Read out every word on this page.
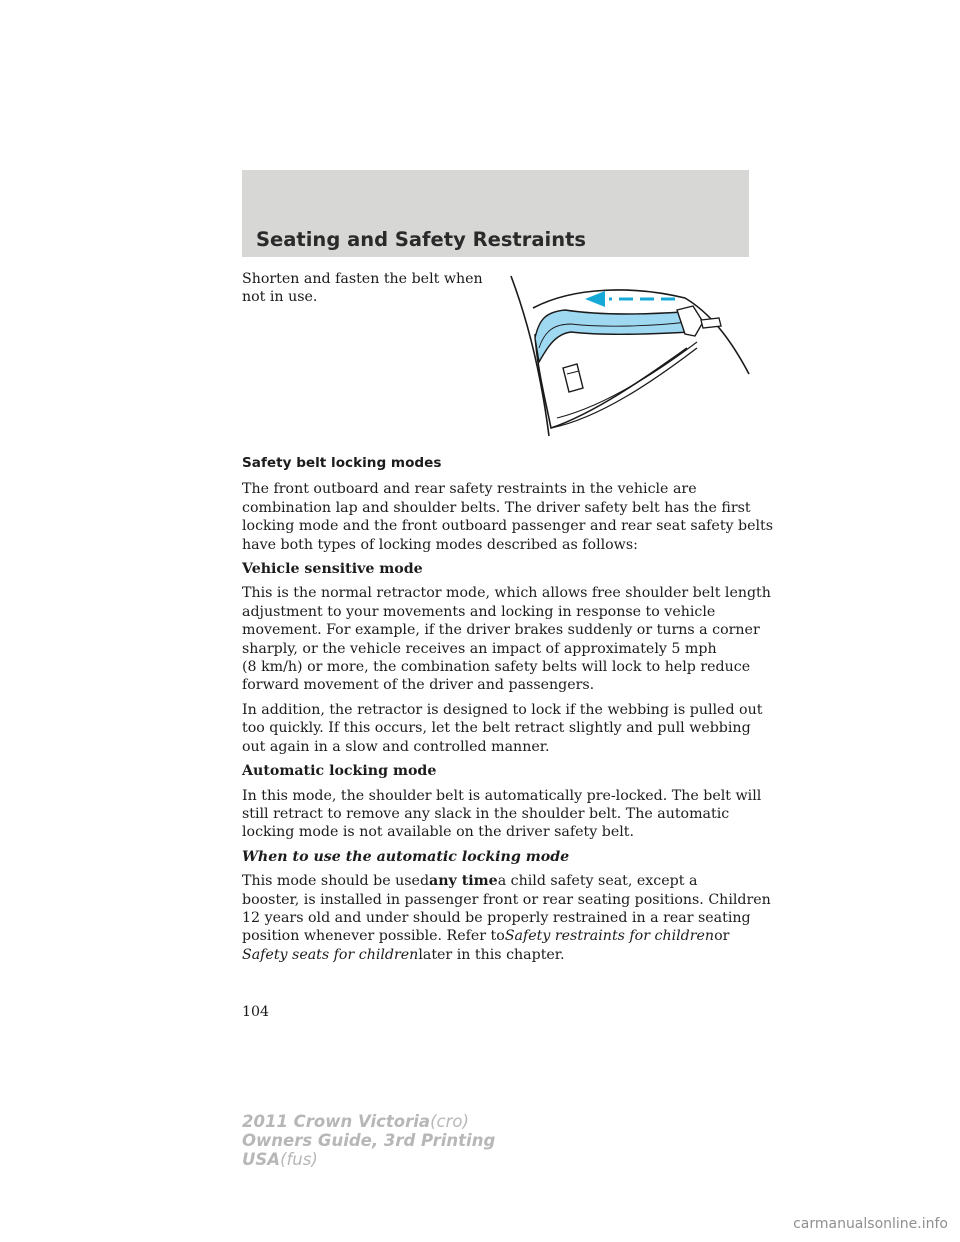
Seating and Safety Restraints
Shorten and fasten the belt when
not in use.
Safety belt locking modes
The front outboard and rear safety restraints in the vehicle are
combination lap and shoulder belts. The driver safety belt has the first
locking mode and the front outboard passenger and rear seat safety belts
have both types of locking modes described as follows:
Vehicle sensitive mode
This is the normal retractor mode, which allows free shoulder belt length
adjustment to your movements and locking in response to vehicle
movement. For example, if the driver brakes suddenly or turns a corner
sharply, or the vehicle receives an impact of approximately 5 mph
(8 km/h) or more, the combination safety belts will lock to help reduce
forward movement of the driver and passengers.
In addition, the retractor is designed to lock if the webbing is pulled out
too quickly. If this occurs, let the belt retract slightly and pull webbing
out again in a slow and controlled manner.
Automatic locking mode
In this mode, the shoulder belt is automatically pre-locked. The belt will
still retract to remove any slack in the shoulder belt. The automatic
locking mode is not available on the driver safety belt.
When to use the automatic locking mode
This mode should be usedany timea child safety seat, except a
booster, is installed in passenger front or rear seating positions. Children
12 years old and under should be properly restrained in a rear seating
position whenever possible. Refer toSafety restraints for childrenor
Safety seats for childrenlater in this chapter.
104
2011 Crown Victoria(cro)
Owners Guide, 3rd Printing
USA(fus)
carmanualsonline.info
